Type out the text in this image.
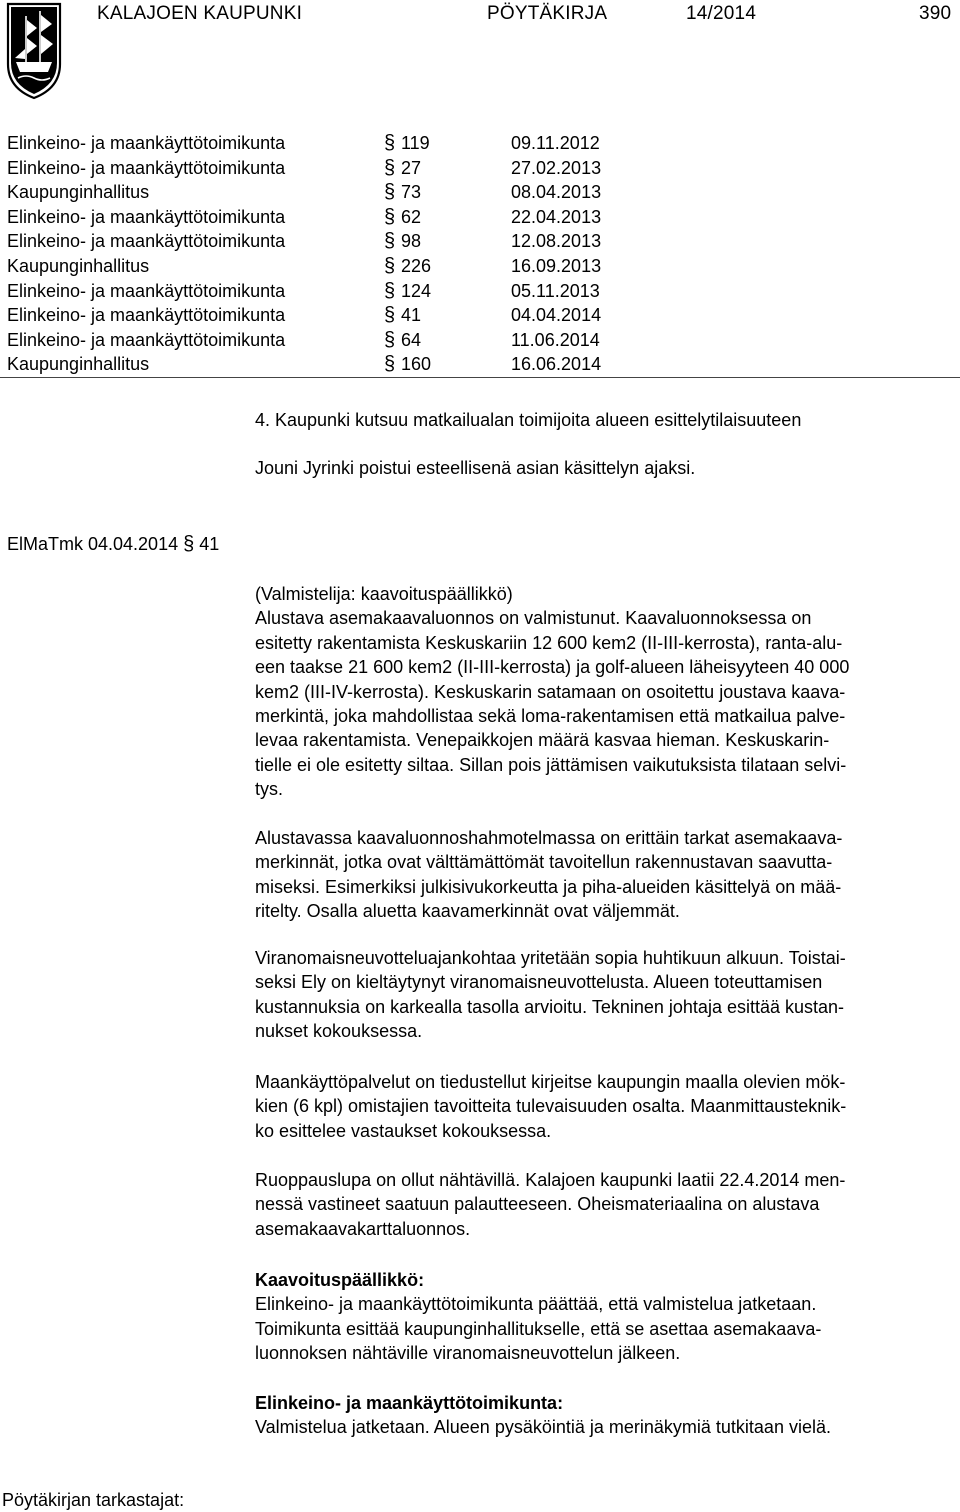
KALAJOEN KAUPUNKI	PÖYTÄKIRJA	14/2014	390
Elinkeino- ja maankäyttötoimikunta	§ 119	09.11.2012
Elinkeino- ja maankäyttötoimikunta	§ 27	27.02.2013
Kaupunginhallitus	§ 73	08.04.2013
Elinkeino- ja maankäyttötoimikunta	§ 62	22.04.2013
Elinkeino- ja maankäyttötoimikunta	§ 98	12.08.2013
Kaupunginhallitus	§ 226	16.09.2013
Elinkeino- ja maankäyttötoimikunta	§ 124	05.11.2013
Elinkeino- ja maankäyttötoimikunta	§ 41	04.04.2014
Elinkeino- ja maankäyttötoimikunta	§ 64	11.06.2014
Kaupunginhallitus	§ 160	16.06.2014
4. Kaupunki kutsuu matkailualan toimijoita alueen esittelytilaisuuteen
Jouni Jyrinki poistui esteellisenä asian käsittelyn ajaksi.
ElMaTmk 04.04.2014 § 41
(Valmistelija: kaavoituspäällikkö)
Alustava asemakaavaluonnos on valmistunut. Kaavaluonnoksessa on
esitetty rakentamista Keskuskariin 12 600 kem2 (II-III-kerrosta), ranta-alu-
een taakse 21 600 kem2 (II-III-kerrosta) ja golf-alueen läheisyyteen 40 000
kem2 (III-IV-kerrosta). Keskuskarin satamaan on osoitettu joustava kaava-
merkintä, joka mahdollistaa sekä loma-rakentamisen että matkailua palve-
levaa rakentamista. Venepaikkojen määrä kasvaa hieman. Keskuskarin-
tielle ei ole esitetty siltaa. Sillan pois jättämisen vaikutuksista tilataan selvi-
tys.
Alustavassa kaavaluonnoshahmotelmassa on erittäin tarkat asemakaava-
merkinnät, jotka ovat välttämättömät tavoitellun rakennustavan saavutta-
miseksi. Esimerkiksi julkisivukorkeutta ja piha-alueiden käsittelyä on mää-
ritelty. Osalla aluetta kaavamerkinnät ovat väljemmät.
Viranomaisneuvotteluajankohtaa yritetään sopia huhtikuun alkuun. Toistai-
seksi Ely on kieltäytynyt viranomaisneuvottelusta. Alueen toteuttamisen
kustannuksia on karkealla tasolla arvioitu. Tekninen johtaja esittää kustan-
nukset kokouksessa.
Maankäyttöpalvelut on tiedustellut kirjeitse kaupungin maalla olevien mök-
kien (6 kpl) omistajien tavoitteita tulevaisuuden osalta. Maanmittausteknik-
ko esittelee vastaukset kokouksessa.
Ruoppauslupa on ollut nähtävillä. Kalajoen kaupunki laatii 22.4.2014 men-
nessä vastineet saatuun palautteeseen. Oheismateriaalina on alustava
asemakaavakarttaluonnos.
Kaavoituspäällikkö:
Elinkeino- ja maankäyttötoimikunta päättää, että valmistelua jatketaan.
Toimikunta esittää kaupunginhallitukselle, että se asettaa asemakaava-
luonnoksen nähtäville viranomaisneuvottelun jälkeen.
Elinkeino- ja maankäyttötoimikunta:
Valmistelua jatketaan. Alueen pysäköintiä ja merinäkymiä tutkitaan vielä.
Pöytäkirjan tarkastajat:
